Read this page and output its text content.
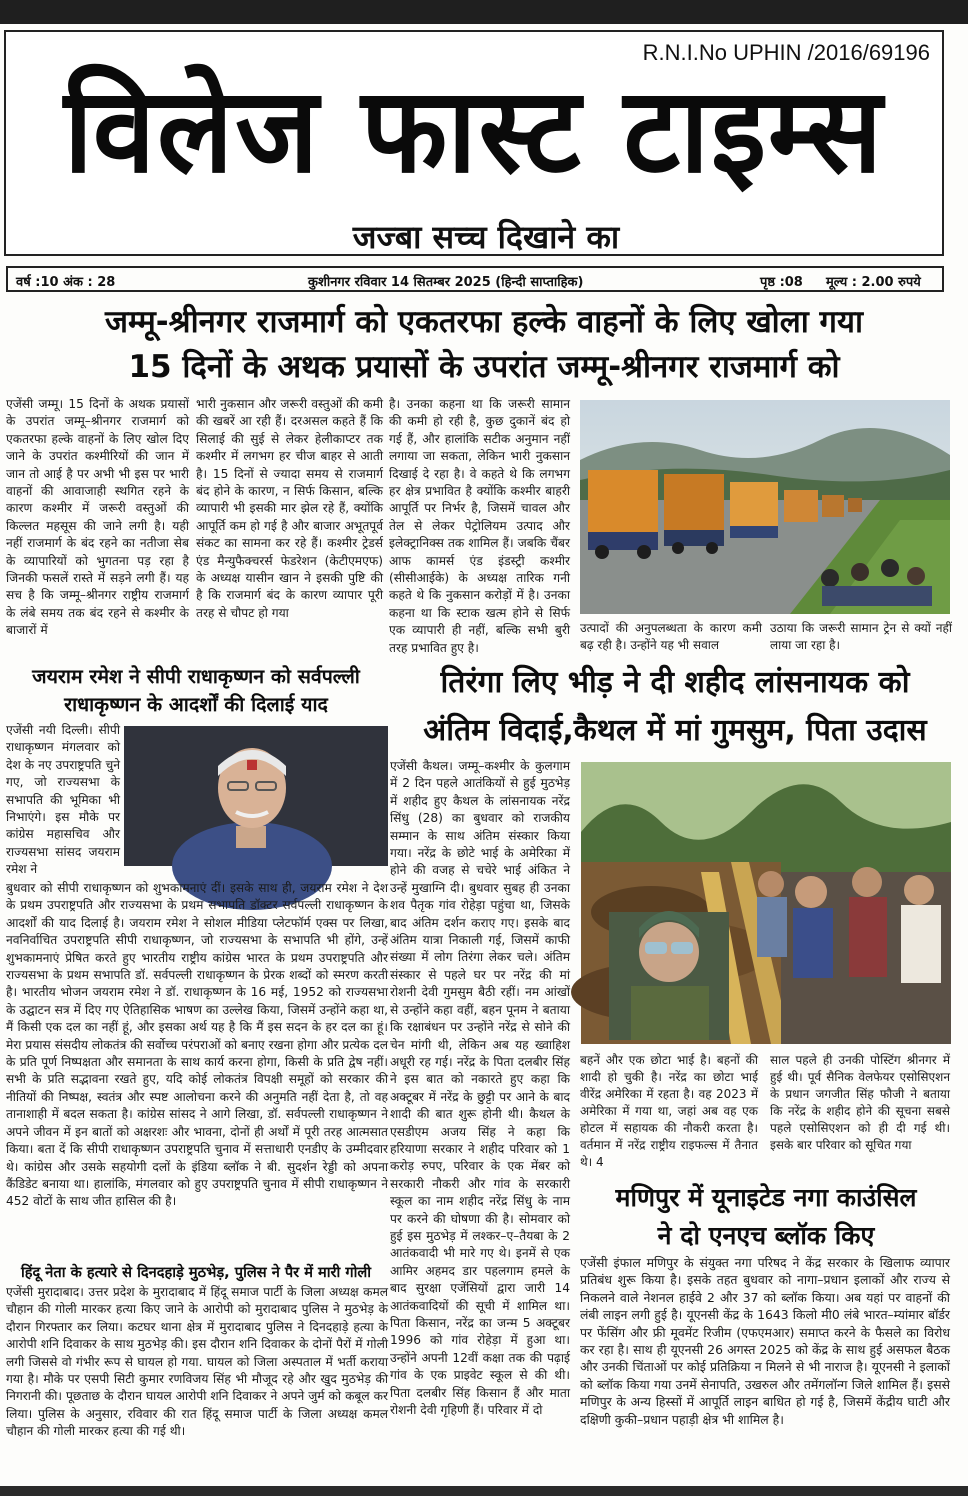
R.N.I.No UPHIN /2016/69196
विलेज फास्ट टाइम्स
जज्बा सच्च दिखाने का
वर्ष :10 अंक : 28	कुशीनगर रविवार 14 सितम्बर 2025 (हिन्दी साप्ताहिक)	पृष्ठ :08 मूल्य : 2.00 रुपये
जम्मू-श्रीनगर राजमार्ग को एकतरफा हल्के वाहनों के लिए खोला गया
15 दिनों के अथक प्रयासों के उपरांत जम्मू-श्रीनगर राजमार्ग को
एजेंसी जम्मू। 15 दिनों के अथक प्रयासों के उपरांत जम्मू–श्रीनगर राजमार्ग को एकतरफा हल्के वाहनों के लिए खोल दिए जाने के उपरांत कश्मीरियों की जान में जान तो आई है पर अभी भी इस पर भारी वाहनों की आवाजाही स्थगित रहने के कारण कश्मीर में जरूरी वस्तुओं की किल्लत महसूस की जाने लगी है। यही नहीं राजमार्ग के बंद रहने का नतीजा सेब के व्यापारियों को भुगतना पड़ रहा है जिनकी फसलें रास्ते में सड़ने लगी हैं। यह सच है कि जम्मू–श्रीनगर राष्ट्रीय राजमार्ग के लंबे समय तक बंद रहने से कश्मीर के बाजारों में
भारी नुकसान और जरूरी वस्तुओं की कमी की खबरें आ रही हैं। दरअसल कहते हैं कि सिलाई की सुई से लेकर हेलीकाप्टर तक कश्मीर में लगभग हर चीज बाहर से आती है। 15 दिनों से ज्यादा समय से राजमार्ग बंद होने के कारण, न सिर्फ किसान, बल्कि व्यापारी भी इसकी मार झेल रहे हैं, क्योंकि आपूर्ति कम हो गई है और बाजार अभूतपूर्व संकट का सामना कर रहे हैं। कश्मीर ट्रेडर्स एंड मैन्युफैक्चरर्स फेडरेशन (केटीएमएफ) के अध्यक्ष यासीन खान ने इसकी पुष्टि की है कि राजमार्ग बंद के कारण व्यापार पूरी तरह से चौपट हो गया
है। उनका कहना था कि जरूरी सामान की कमी हो रही है, कुछ दुकानें बंद हो गई हैं, और हालांकि सटीक अनुमान नहीं लगाया जा सकता, लेकिन भारी नुकसान दिखाई दे रहा है। वे कहते थे कि लगभग हर क्षेत्र प्रभावित है क्योंकि कश्मीर बाहरी आपूर्ति पर निर्भर है, जिसमें चावल और तेल से लेकर पेट्रोलियम उत्पाद और इलेक्ट्रानिक्स तक शामिल हैं। जबकि चैंबर आफ कामर्स एंड इंडस्ट्री कश्मीर (सीसीआईके) के अध्यक्ष तारिक गनी कहते थे कि नुकसान करोड़ों में है। उनका कहना था कि स्टाक खत्म होने से सिर्फ एक व्यापारी ही नहीं, बल्कि सभी बुरी तरह प्रभावित हुए है।
उत्पादों की अनुपलब्धता के कारण कमी बढ़ रही है। उन्होंने यह भी सवाल
उठाया कि जरूरी सामान ट्रेन से क्यों नहीं लाया जा रहा है।
जयराम रमेश ने सीपी राधाकृष्णन को सर्वपल्ली
राधाकृष्णन के आदर्शों की दिलाई याद
एजेंसी नयी दिल्ली। सीपी राधाकृष्णन मंगलवार को देश के नए उपराष्ट्रपति चुने गए, जो राज्यसभा के सभापति की भूमिका भी निभाएंगे। इस मौके पर कांग्रेस महासचिव और राज्यसभा सांसद जयराम रमेश ने
बुधवार को सीपी राधाकृष्णन को शुभकामनाएं दीं। इसके साथ ही, जयराम रमेश ने देश के प्रथम उपराष्ट्रपति और राज्यसभा के प्रथम सभापति डॉक्टर सर्वपल्ली राधाकृष्णन के आदर्शों की याद दिलाई है। जयराम रमेश ने सोशल मीडिया प्लेटफॉर्म एक्स पर लिखा, नवनिर्वाचित उपराष्ट्रपति सीपी राधाकृष्णन, जो राज्यसभा के सभापति भी होंगे, उन्हें शुभकामनाएं प्रेषित करते हुए भारतीय राष्ट्रीय कांग्रेस भारत के प्रथम उपराष्ट्रपति और राज्यसभा के प्रथम सभापति डॉ. सर्वपल्ली राधाकृष्णन के प्रेरक शब्दों को स्मरण करती है। भारतीय भोजन जयराम रमेश ने डॉ. राधाकृष्णन के 16 मई, 1952 को राज्यसभा के उद्घाटन सत्र में दिए गए ऐतिहासिक भाषण का उल्लेख किया, जिसमें उन्होंने कहा था, मैं किसी एक दल का नहीं हूं, और इसका अर्थ यह है कि मैं इस सदन के हर दल का हूं। मेरा प्रयास संसदीय लोकतंत्र की सर्वोच्च परंपराओं को बनाए रखना होगा और प्रत्येक दल के प्रति पूर्ण निष्पक्षता और समानता के साथ कार्य करना होगा, किसी के प्रति द्वेष नहीं। सभी के प्रति सद्भावना रखते हुए, यदि कोई लोकतंत्र विपक्षी समूहों को सरकार की नीतियों की निष्पक्ष, स्वतंत्र और स्पष्ट आलोचना करने की अनुमति नहीं देता है, तो वह तानाशाही में बदल सकता है। कांग्रेस सांसद ने आगे लिखा, डॉ. सर्वपल्ली राधाकृष्णन ने अपने जीवन में इन बातों को अक्षरशः और भावना, दोनों ही अर्थों में पूरी तरह आत्मसात किया। बता दें कि सीपी राधाकृष्णन उपराष्ट्रपति चुनाव में सत्ताधारी एनडीए के उम्मीदवार थे। कांग्रेस और उसके सहयोगी दलों के इंडिया ब्लॉक ने बी. सुदर्शन रेड्डी को अपना कैंडिडेट बनाया था। हालांकि, मंगलवार को हुए उपराष्ट्रपति चुनाव में सीपी राधाकृष्णन ने 452 वोटों के साथ जीत हासिल की है।
हिंदू नेता के हत्यारे से दिनदहाड़े मुठभेड़, पुलिस ने पैर में मारी गोली
एजेंसी मुरादाबाद। उत्तर प्रदेश के मुरादाबाद में हिंदू समाज पार्टी के जिला अध्यक्ष कमल चौहान की गोली मारकर हत्या किए जाने के आरोपी को मुरादाबाद पुलिस ने मुठभेड़ के दौरान गिरफ्तार कर लिया। कटघर थाना क्षेत्र में मुरादाबाद पुलिस ने दिनदहाड़े हत्या के आरोपी शनि दिवाकर के साथ मुठभेड़ की। इस दौरान शनि दिवाकर के दोनों पैरों में गोली लगी जिससे वो गंभीर रूप से घायल हो गया. घायल को जिला अस्पताल में भर्ती कराया गया है। मौके पर एसपी सिटी कुमार रणविजय सिंह भी मौजूद रहे और खुद मुठभेड़ की निगरानी की। पूछताछ के दौरान घायल आरोपी शनि दिवाकर ने अपने जुर्म को कबूल कर लिया। पुलिस के अनुसार, रविवार की रात हिंदू समाज पार्टी के जिला अध्यक्ष कमल चौहान की गोली मारकर हत्या की गई थी।
तिरंगा लिए भीड़ ने दी शहीद लांसनायक को
अंतिम विदाई,कैथल में मां गुमसुम, पिता उदास
एजेंसी कैथल। जम्मू–कश्मीर के कुलगाम में 2 दिन पहले आतंकियों से हुई मुठभेड़ में शहीद हुए कैथल के लांसनायक नरेंद्र सिंधु (28) का बुधवार को राजकीय सम्मान के साथ अंतिम संस्कार किया गया। नरेंद्र के छोटे भाई के अमेरिका में होने की वजह से चचेरे भाई अंकित ने उन्हें मुखाग्नि दी। बुधवार सुबह ही उनका शव पैतृक गांव रोहेड़ा पहुंचा था, जिसके बाद अंतिम दर्शन कराए गए। इसके बाद अंतिम यात्रा निकाली गई, जिसमें काफी संख्या में लोग तिरंगा लेकर चले। अंतिम संस्कार से पहले घर पर नरेंद्र की मां रोशनी देवी गुमसुम बैठी रहीं। नम आंखों से उन्होंने कहा वहीं, बहन पूनम ने बताया कि रक्षाबंधन पर उन्होंने नरेंद्र से सोने की चेन मांगी थी, लेकिन अब यह ख्वाहिश अधूरी रह गई। नरेंद्र के पिता दलबीर सिंह ने इस बात को नकारते हुए कहा कि अक्टूबर में नरेंद्र के छुट्टी पर आने के बाद शादी की बात शुरू होनी थी। कैथल के एसडीएम अजय सिंह ने कहा कि हरियाणा सरकार ने शहीद परिवार को 1 करोड़ रुपए, परिवार के एक मेंबर को सरकारी नौकरी और गांव के सरकारी स्कूल का नाम शहीद नरेंद्र सिंधु के नाम पर करने की घोषणा की है। सोमवार को हुई इस मुठभेड़ में लश्कर–ए–तैयबा के 2 आतंकवादी भी मारे गए थे। इनमें से एक आमिर अहमद डार पहलगाम हमले के बाद सुरक्षा एजेंसियों द्वारा जारी 14 आतंकवादियों की सूची में शामिल था। पिता किसान, नरेंद्र का जन्म 5 अक्टूबर 1996 को गांव रोहेड़ा में हुआ था। उन्होंने अपनी 12वीं कक्षा तक की पढ़ाई गांव के एक प्राइवेट स्कूल से की थी। पिता दलबीर सिंह किसान हैं और माता रोशनी देवी गृहिणी हैं। परिवार में दो
बहनें और एक छोटा भाई है। बहनों की शादी हो चुकी है। नरेंद्र का छोटा भाई वीरेंद्र अमेरिका में रहता है। वह 2023 में अमेरिका में गया था, जहां अब वह एक होटल में सहायक की नौकरी करता है। वर्तमान में नरेंद्र राष्ट्रीय राइफल्स में तैनात थे। 4
साल पहले ही उनकी पोस्टिंग श्रीनगर में हुई थी। पूर्व सैनिक वेलफेयर एसोसिएशन के प्रधान जगजीत सिंह फौजी ने बताया कि नरेंद्र के शहीद होने की सूचना सबसे पहले एसोसिएशन को ही दी गई थी। इसके बार परिवार को सूचित गया
मणिपुर में यूनाइटेड नगा काउंसिल
ने दो एनएच ब्लॉक किए
एजेंसी इंफाल मणिपुर के संयुक्त नगा परिषद ने केंद्र सरकार के खिलाफ व्यापार प्रतिबंध शुरू किया है। इसके तहत बुधवार को नागा–प्रधान इलाकों और राज्य से निकलने वाले नेशनल हाईवे 2 और 37 को ब्लॉक किया। अब यहां पर वाहनों की लंबी लाइन लगी हुई है। यूएनसी केंद्र के 1643 किलो मी0 लंबे भारत–म्यांमार बॉर्डर पर फेंसिंग और फ्री मूवमेंट रिजीम (एफएमआर) समाप्त करने के फैसले का विरोध कर रहा है। साथ ही यूएनसी 26 अगस्त 2025 को केंद्र के साथ हुई असफल बैठक और उनकी चिंताओं पर कोई प्रतिक्रिया न मिलने से भी नाराज है। यूएनसी ने इलाकों को ब्लॉक किया गया उनमें सेनापति, उखरुल और तमेंगलॉन्ग जिले शामिल हैं। इससे मणिपुर के अन्य हिस्सों में आपूर्ति लाइन बाधित हो गई है, जिसमें केंद्रीय घाटी और दक्षिणी कुकी–प्रधान पहाड़ी क्षेत्र भी शामिल है।
